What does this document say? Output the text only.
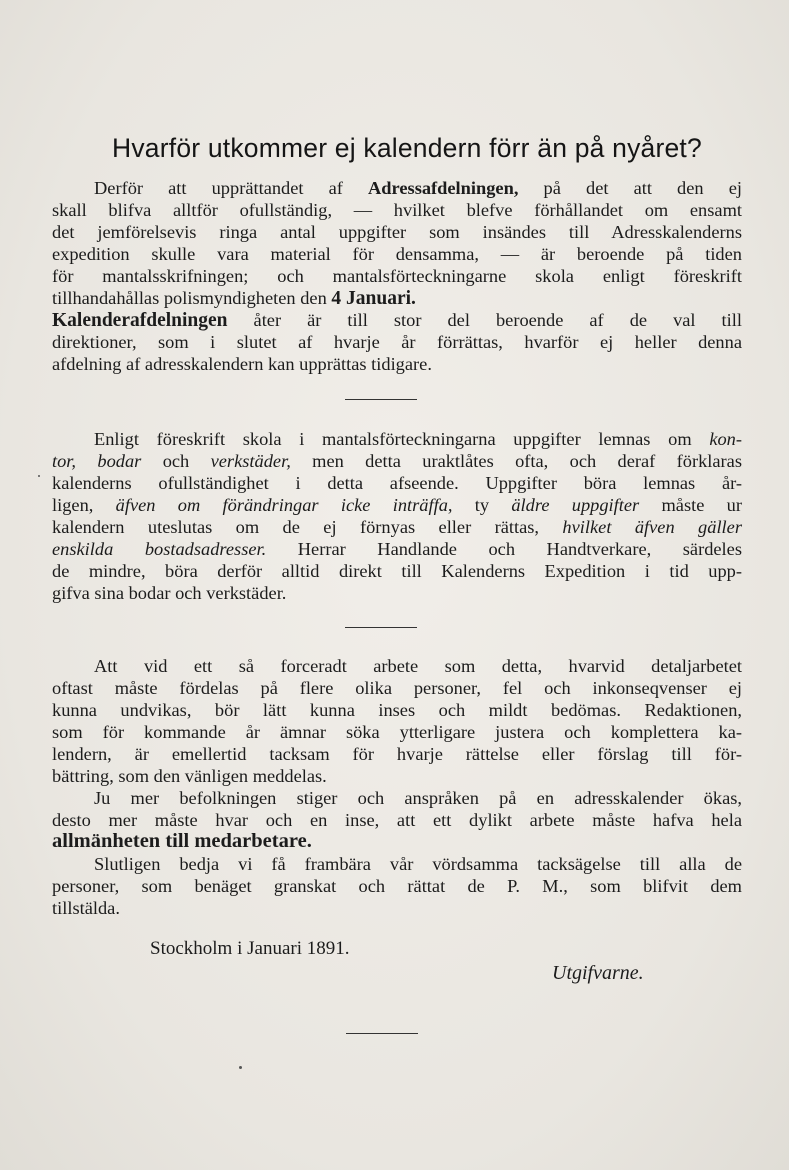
Hvarför utkommer ej kalendern förr än på nyåret?
Derför att upprättandet af Adressafdelningen, på det att den ej
skall blifva alltför ofullständig, — hvilket blefve förhållandet om ensamt
det jemförelsevis ringa antal uppgifter som insändes till Adresskalenderns
expedition skulle vara material för densamma, — är beroende på tiden
för mantalsskrifningen; och mantalsförteckningarne skola enligt föreskrift
tillhandahållas polismyndigheten den 4 Januari.
Kalenderafdelningen åter är till stor del beroende af de val till
direktioner, som i slutet af hvarje år förrättas, hvarför ej heller denna
afdelning af adresskalendern kan upprättas tidigare.
Enligt föreskrift skola i mantalsförteckningarna uppgifter lemnas om kon-
tor, bodar och verkstäder, men detta uraktlåtes ofta, och deraf förklaras
kalenderns ofullständighet i detta afseende. Uppgifter böra lemnas år-
ligen, äfven om förändringar icke inträffa, ty äldre uppgifter måste ur
kalendern uteslutas om de ej förnyas eller rättas, hvilket äfven gäller
enskilda bostadsadresser. Herrar Handlande och Handtverkare, särdeles
de mindre, böra derför alltid direkt till Kalenderns Expedition i tid upp-
gifva sina bodar och verkstäder.
Att vid ett så forceradt arbete som detta, hvarvid detaljarbetet
oftast måste fördelas på flere olika personer, fel och inkonseqvenser ej
kunna undvikas, bör lätt kunna inses och mildt bedömas. Redaktionen,
som för kommande år ämnar söka ytterligare justera och komplettera ka-
lendern, är emellertid tacksam för hvarje rättelse eller förslag till för-
bättring, som den vänligen meddelas.
Ju mer befolkningen stiger och anspråken på en adresskalender ökas,
desto mer måste hvar och en inse, att ett dylikt arbete måste hafva hela
allmänheten till medarbetare.
Slutligen bedja vi få frambära vår vördsamma tacksägelse till alla de
personer, som benäget granskat och rättat de P. M., som blifvit dem
tillstälda.
Stockholm i Januari 1891.
Utgifvarne.
